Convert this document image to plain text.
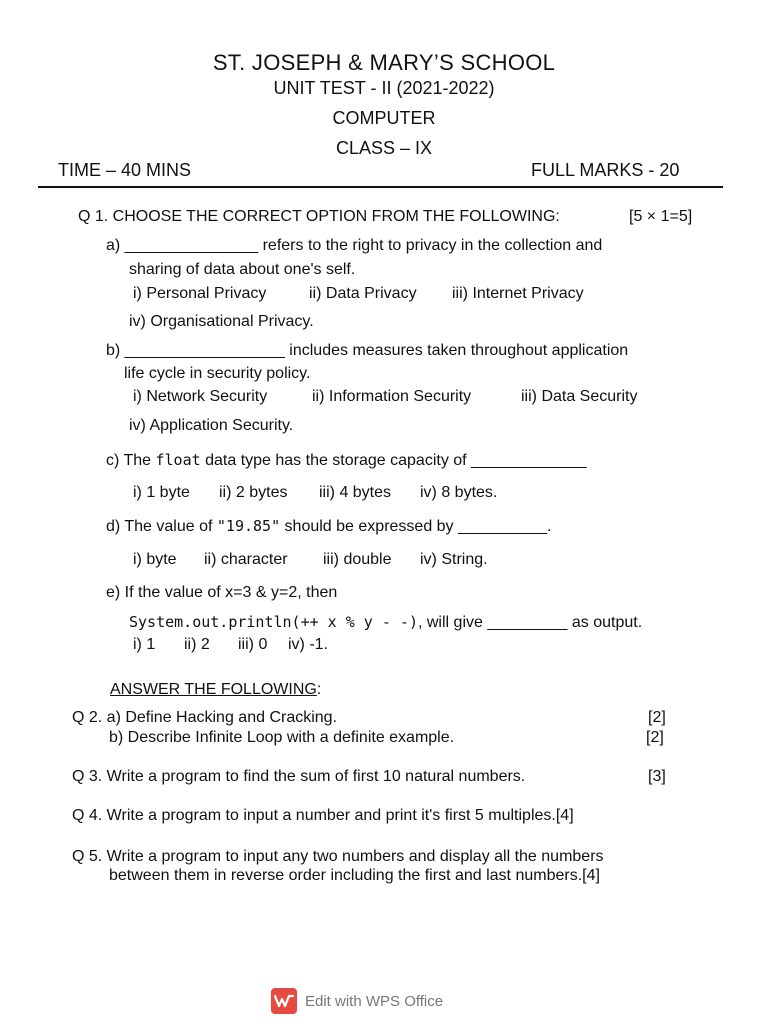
ST. JOSEPH & MARY’S SCHOOL
UNIT TEST - II (2021-2022)
COMPUTER
CLASS – IX
TIME – 40 MINS	FULL MARKS - 20
Q 1. CHOOSE THE CORRECT OPTION FROM THE FOLLOWING:	[5 × 1=5]
a) _______________ refers to the right to privacy in the collection and
sharing of data about one's self.
i) Personal Privacy	ii) Data Privacy iii) Internet Privacy
iv) Organisational Privacy.
b) __________________ includes measures taken throughout application
life cycle in security policy.
i) Network Security	ii) Information Security	iii) Data Security
iv) Application Security.
c) The float data type has the storage capacity of _____________
i) 1 byte ii) 2 bytes iii) 4 bytes iv) 8 bytes.
d) The value of "19.85" should be expressed by __________.
i) byte ii) character iii) double iv) String.
e) If the value of x=3 & y=2, then
System.out.println(++ x % y - -), will give _________ as output.
i) 1 ii) 2 iii) 0 iv) -1.
ANSWER THE FOLLOWING:
Q 2. a) Define Hacking and Cracking.	[2]
b) Describe Infinite Loop with a definite example.	[2]
Q 3. Write a program to find the sum of first 10 natural numbers.	[3]
Q 4. Write a program to input a number and print it's first 5 multiples.[4]
Q 5. Write a program to input any two numbers and display all the numbers
between them in reverse order including the first and last numbers.[4]
Edit with WPS Office
